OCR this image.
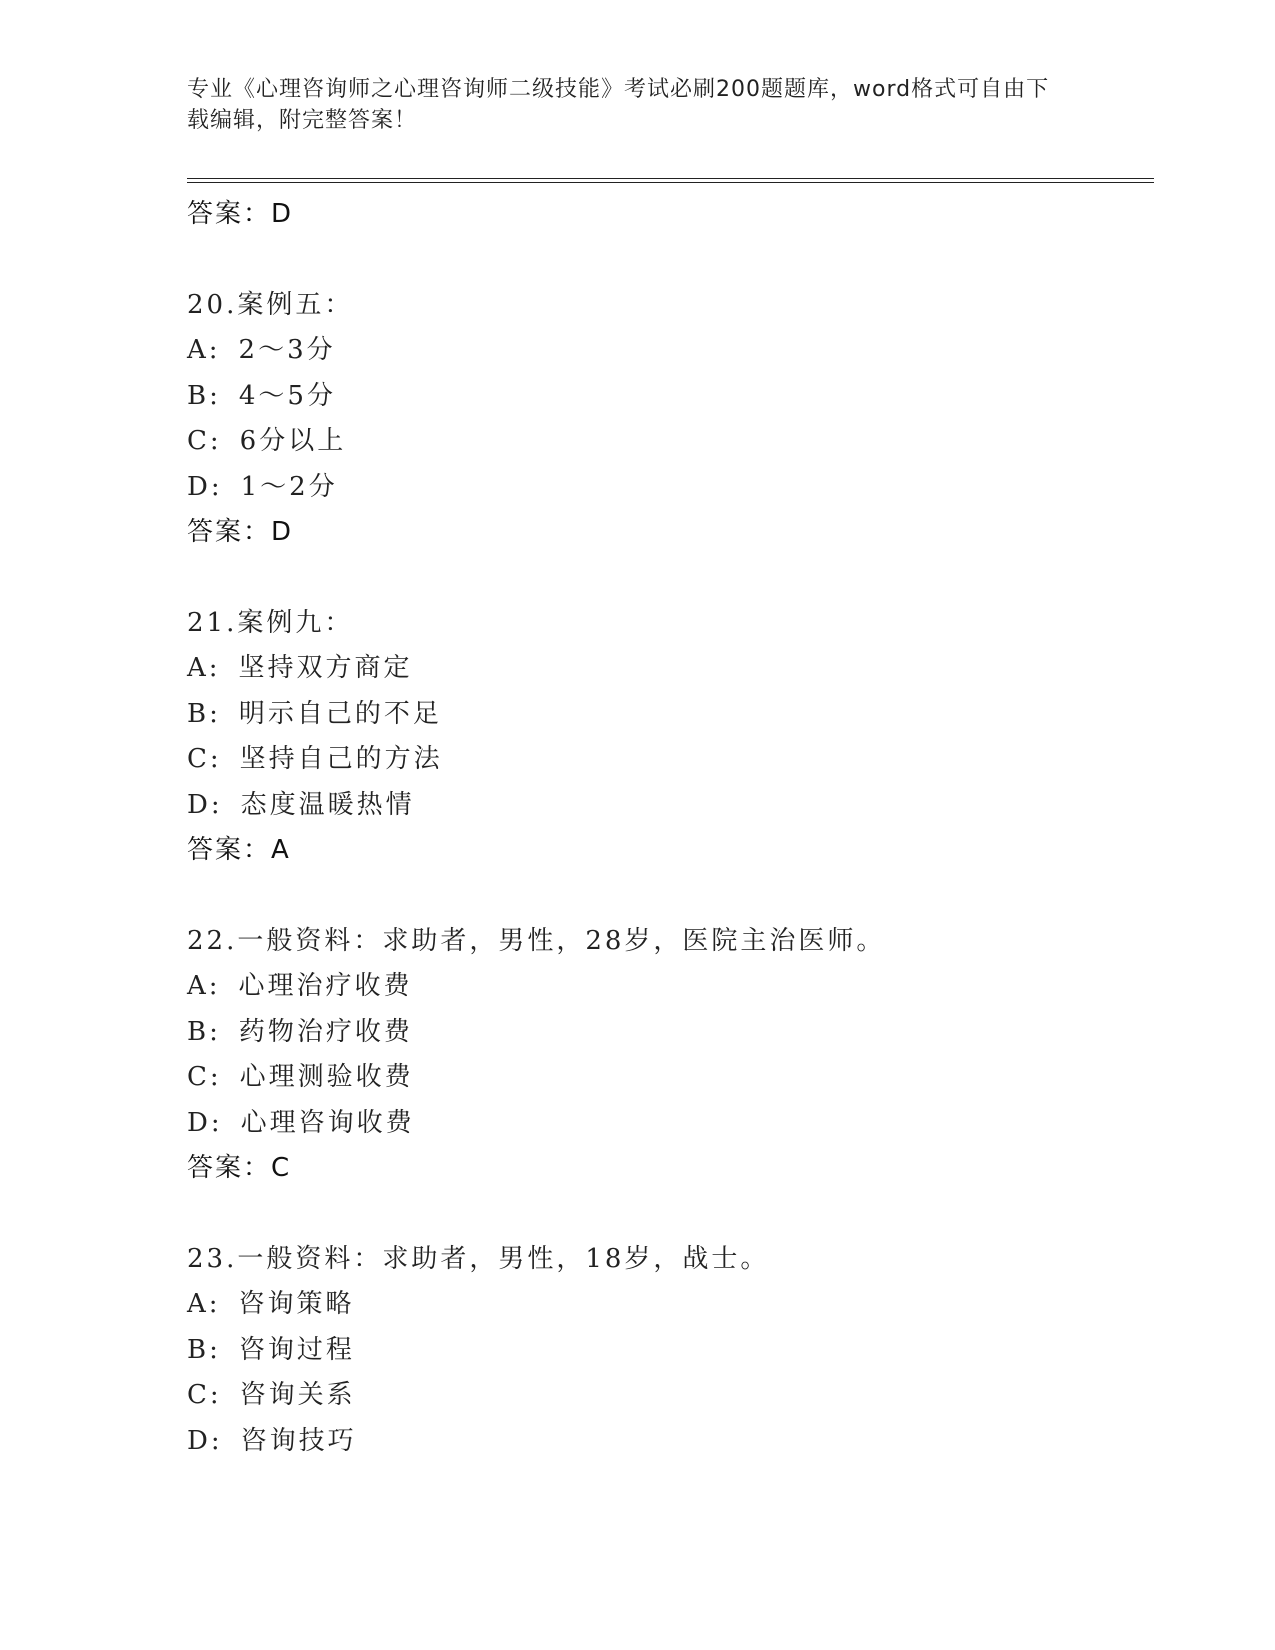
专业《心理咨询师之心理咨询师二级技能》考试必刷200题题库，word格式可自由下载编辑，附完整答案！
答案：D
20.案例五：
A: 2～3分
B: 4～5分
C: 6分以上
D: 1～2分
答案：D
21.案例九：
A: 坚持双方商定
B: 明示自己的不足
C: 坚持自己的方法
D: 态度温暖热情
答案：A
22.一般资料：求助者，男性，28岁，医院主治医师。
A: 心理治疗收费
B: 药物治疗收费
C: 心理测验收费
D: 心理咨询收费
答案：C
23.一般资料：求助者，男性，18岁，战士。
A: 咨询策略
B: 咨询过程
C: 咨询关系
D: 咨询技巧
